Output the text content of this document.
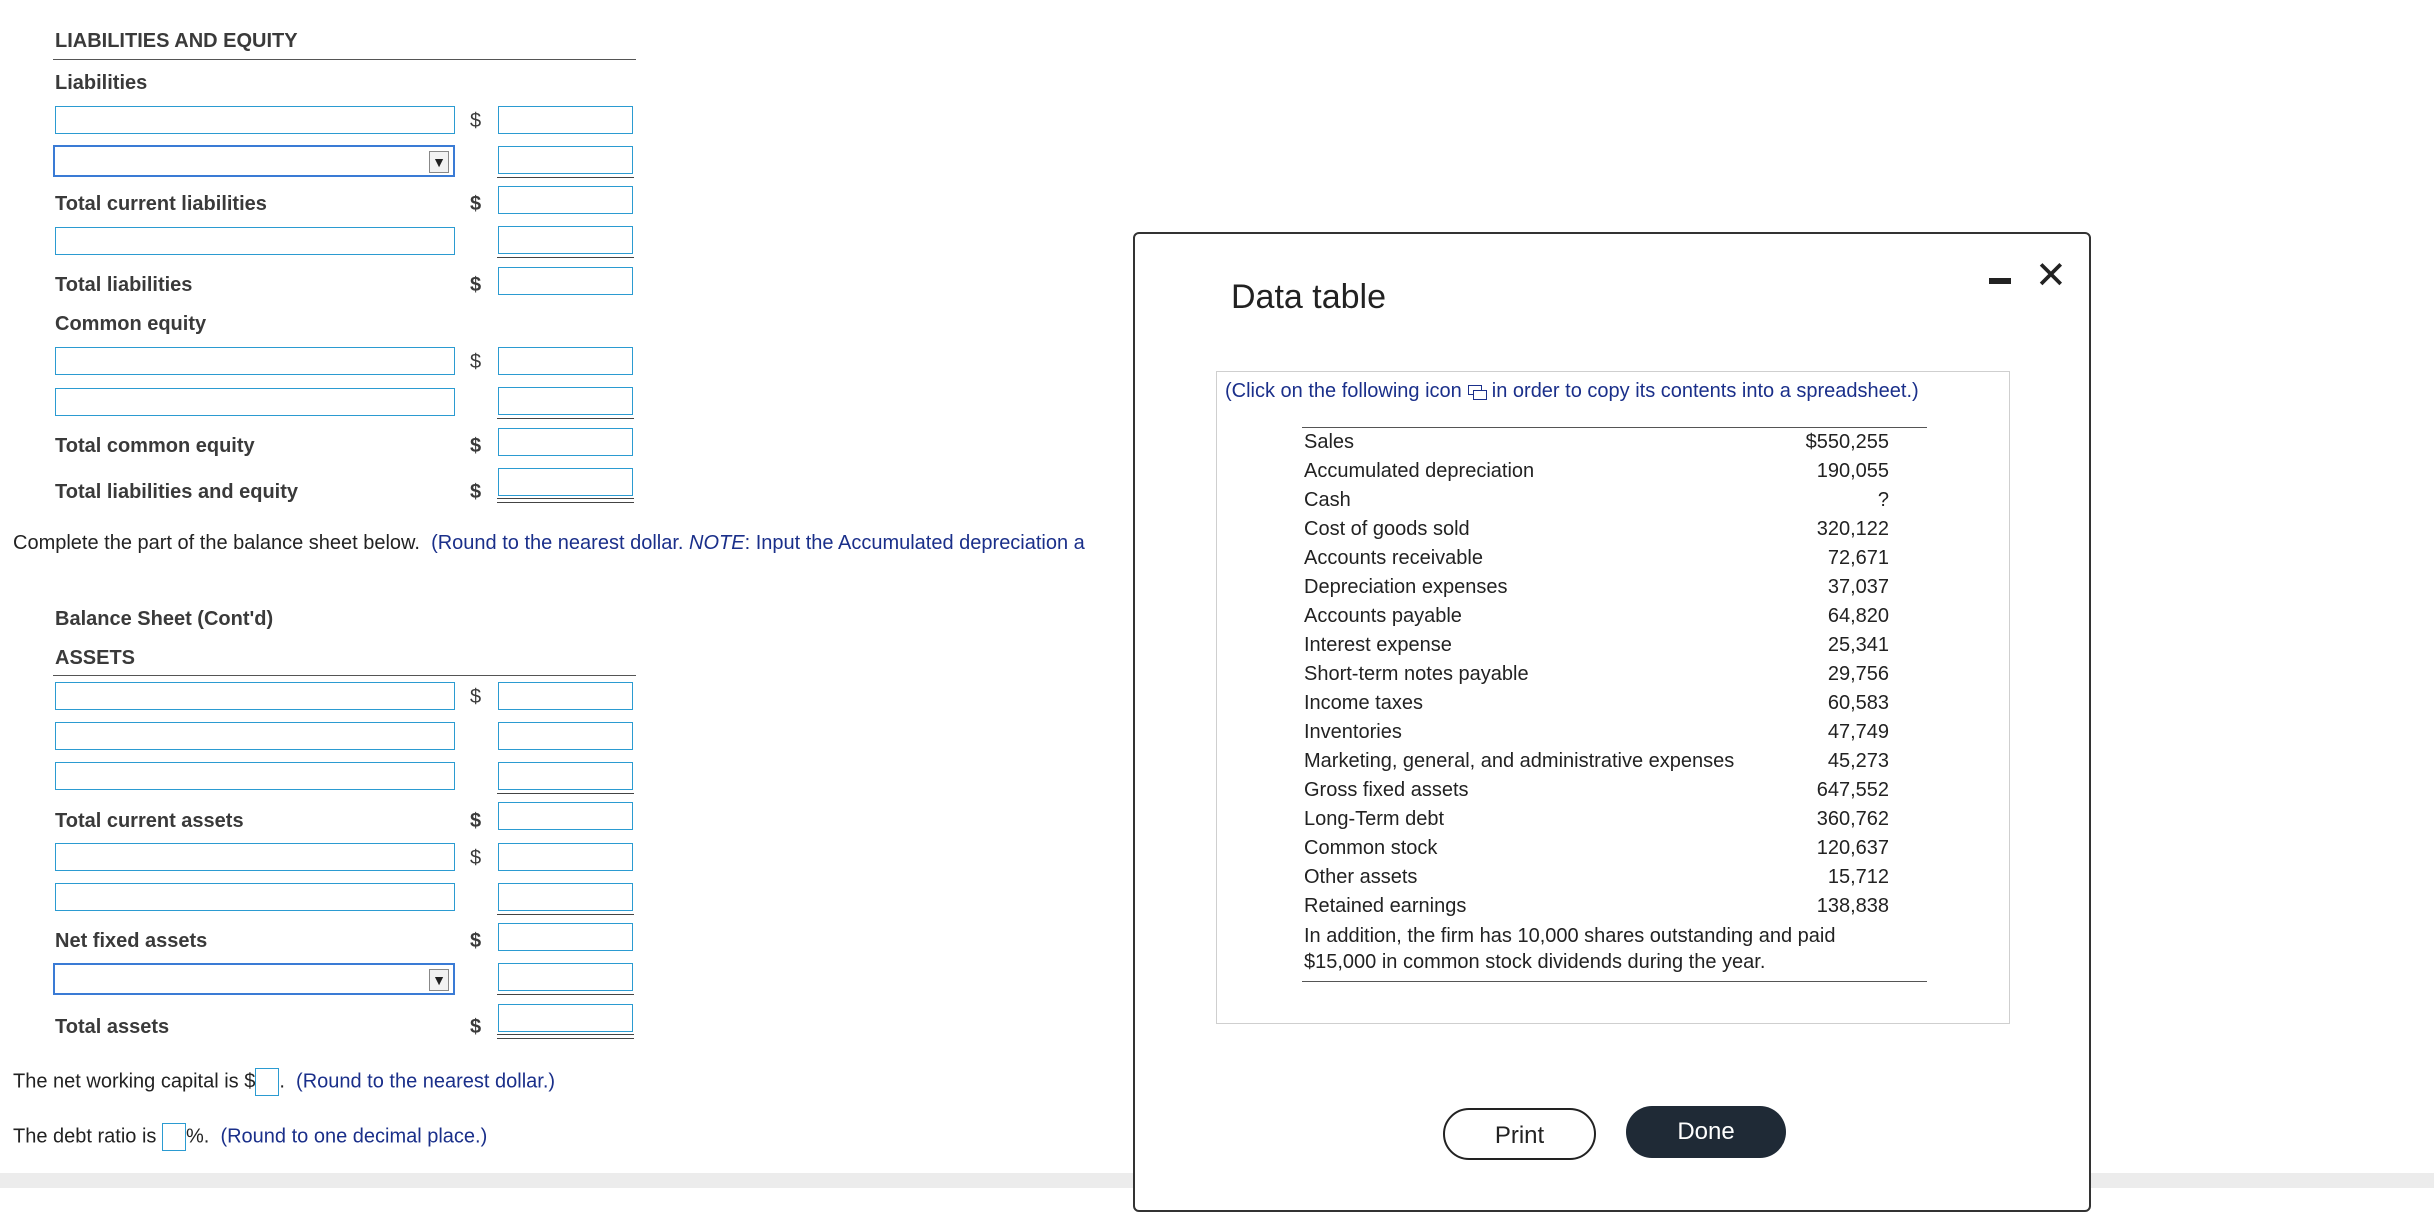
LIABILITIES AND EQUITY
Liabilities
$
▼
Total current liabilities	$
Total liabilities	$
Common equity
$
Total common equity	$
Total liabilities and equity	$
Complete the part of the balance sheet below. (Round to the nearest dollar. NOTE: Input the Accumulated depreciation a
Balance Sheet (Cont'd)
ASSETS
$
Total current assets	$
$
Net fixed assets	$
▼
Total assets	$
The net working capital is $ . (Round to the nearest dollar.)
The debt ratio is %. (Round to one decimal place.)
Data table	✕
(Click on the following icon in order to copy its contents into a spreadsheet.)
Sales	$550,255
Accumulated depreciation	190,055
Cash	?
Cost of goods sold	320,122
Accounts receivable	72,671
Depreciation expenses	37,037
Accounts payable	64,820
Interest expense	25,341
Short-term notes payable	29,756
Income taxes	60,583
Inventories	47,749
Marketing, general, and administrative expenses	45,273
Gross fixed assets	647,552
Long-Term debt	360,762
Common stock	120,637
Other assets	15,712
Retained earnings	138,838
In addition, the firm has 10,000 shares outstanding and paid $15,000 in common stock dividends during the year.
Print	Done
